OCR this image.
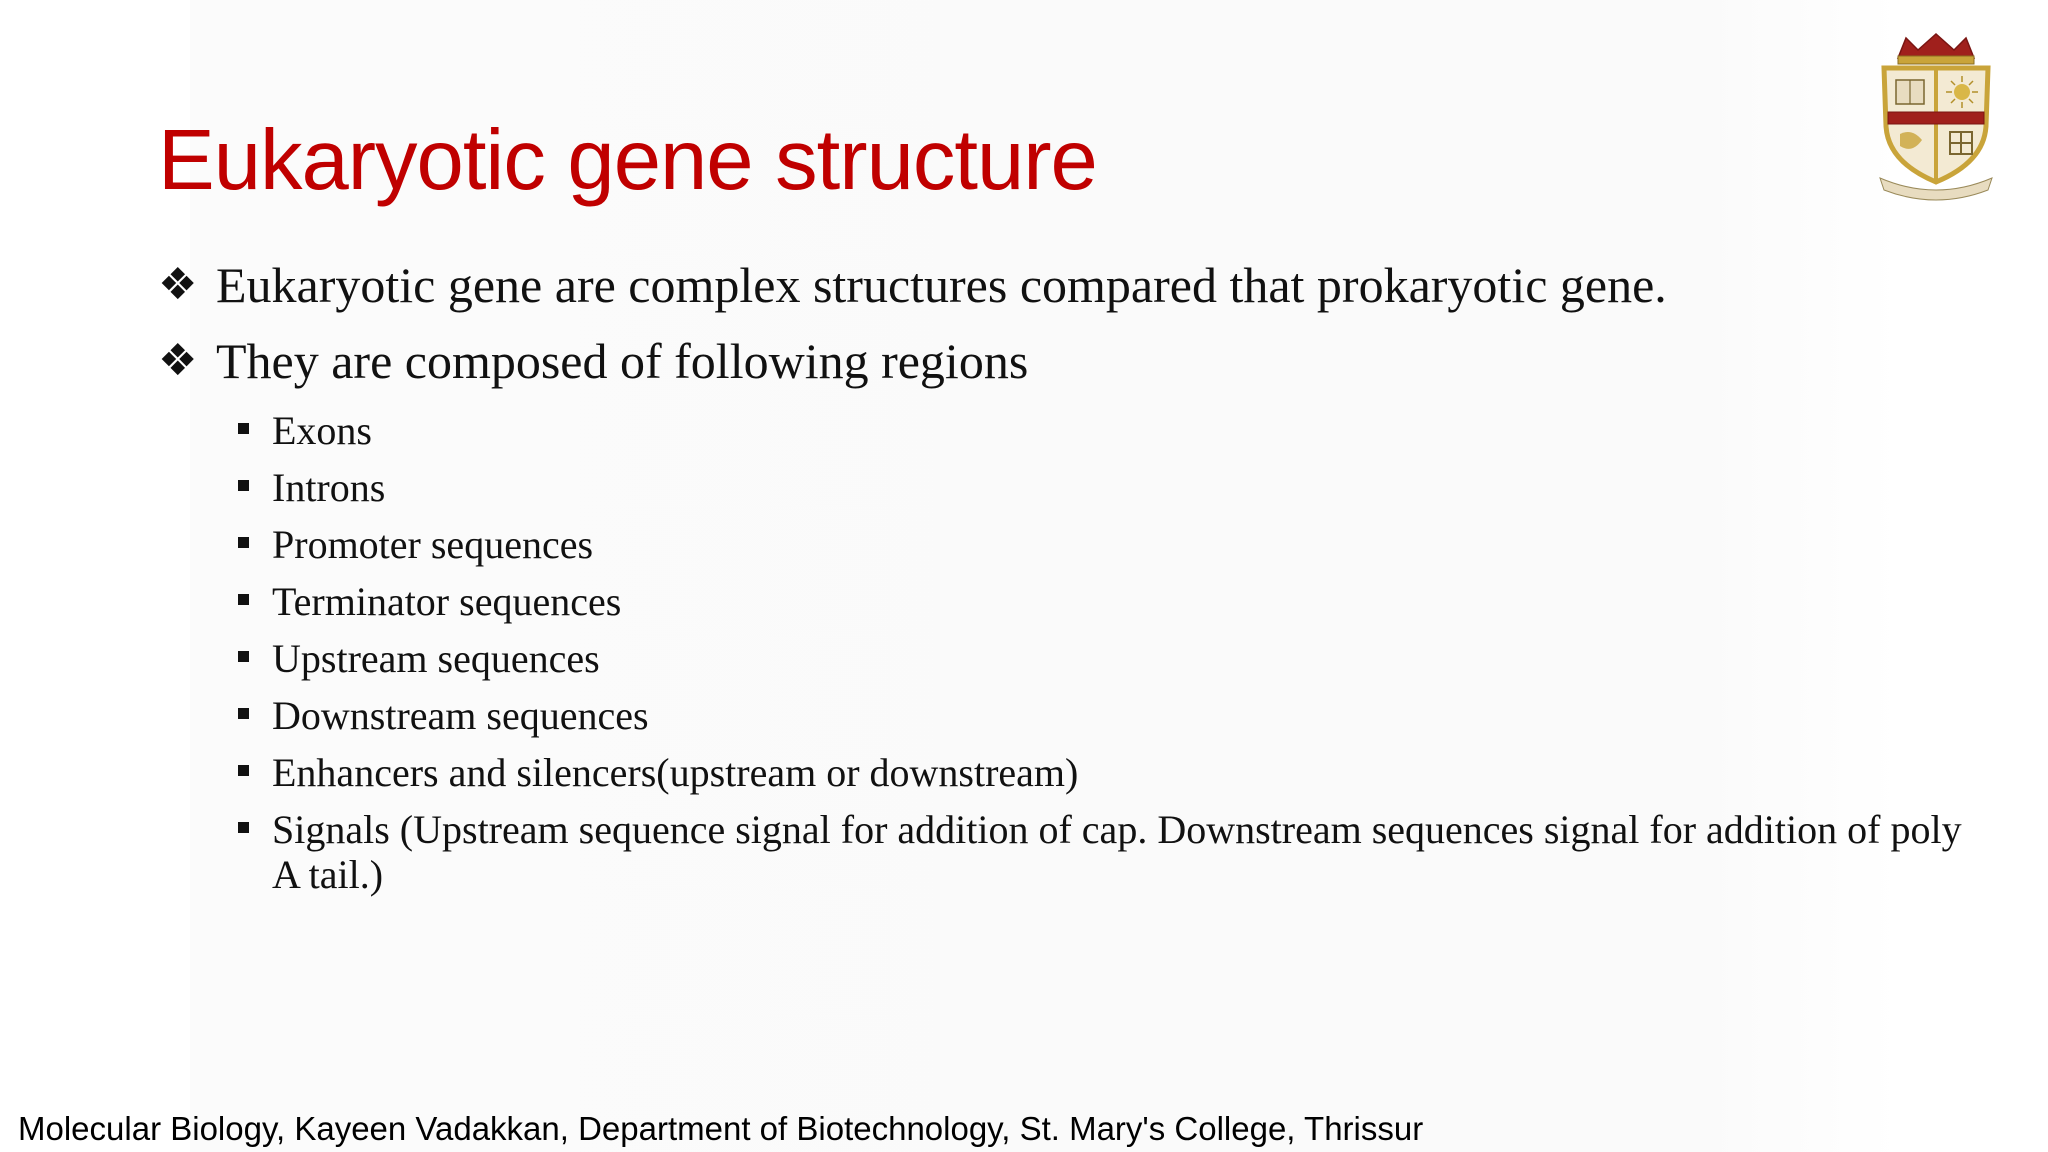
Eukaryotic gene structure
❖ Eukaryotic gene are complex structures compared that prokaryotic gene.
❖ They are composed of following regions
Exons
Introns
Promoter sequences
Terminator sequences
Upstream sequences
Downstream sequences
Enhancers and silencers(upstream or downstream)
Signals (Upstream sequence signal for addition of cap. Downstream sequences signal for addition of poly A tail.)
Molecular Biology, Kayeen Vadakkan, Department of Biotechnology, St. Mary's College, Thrissur
